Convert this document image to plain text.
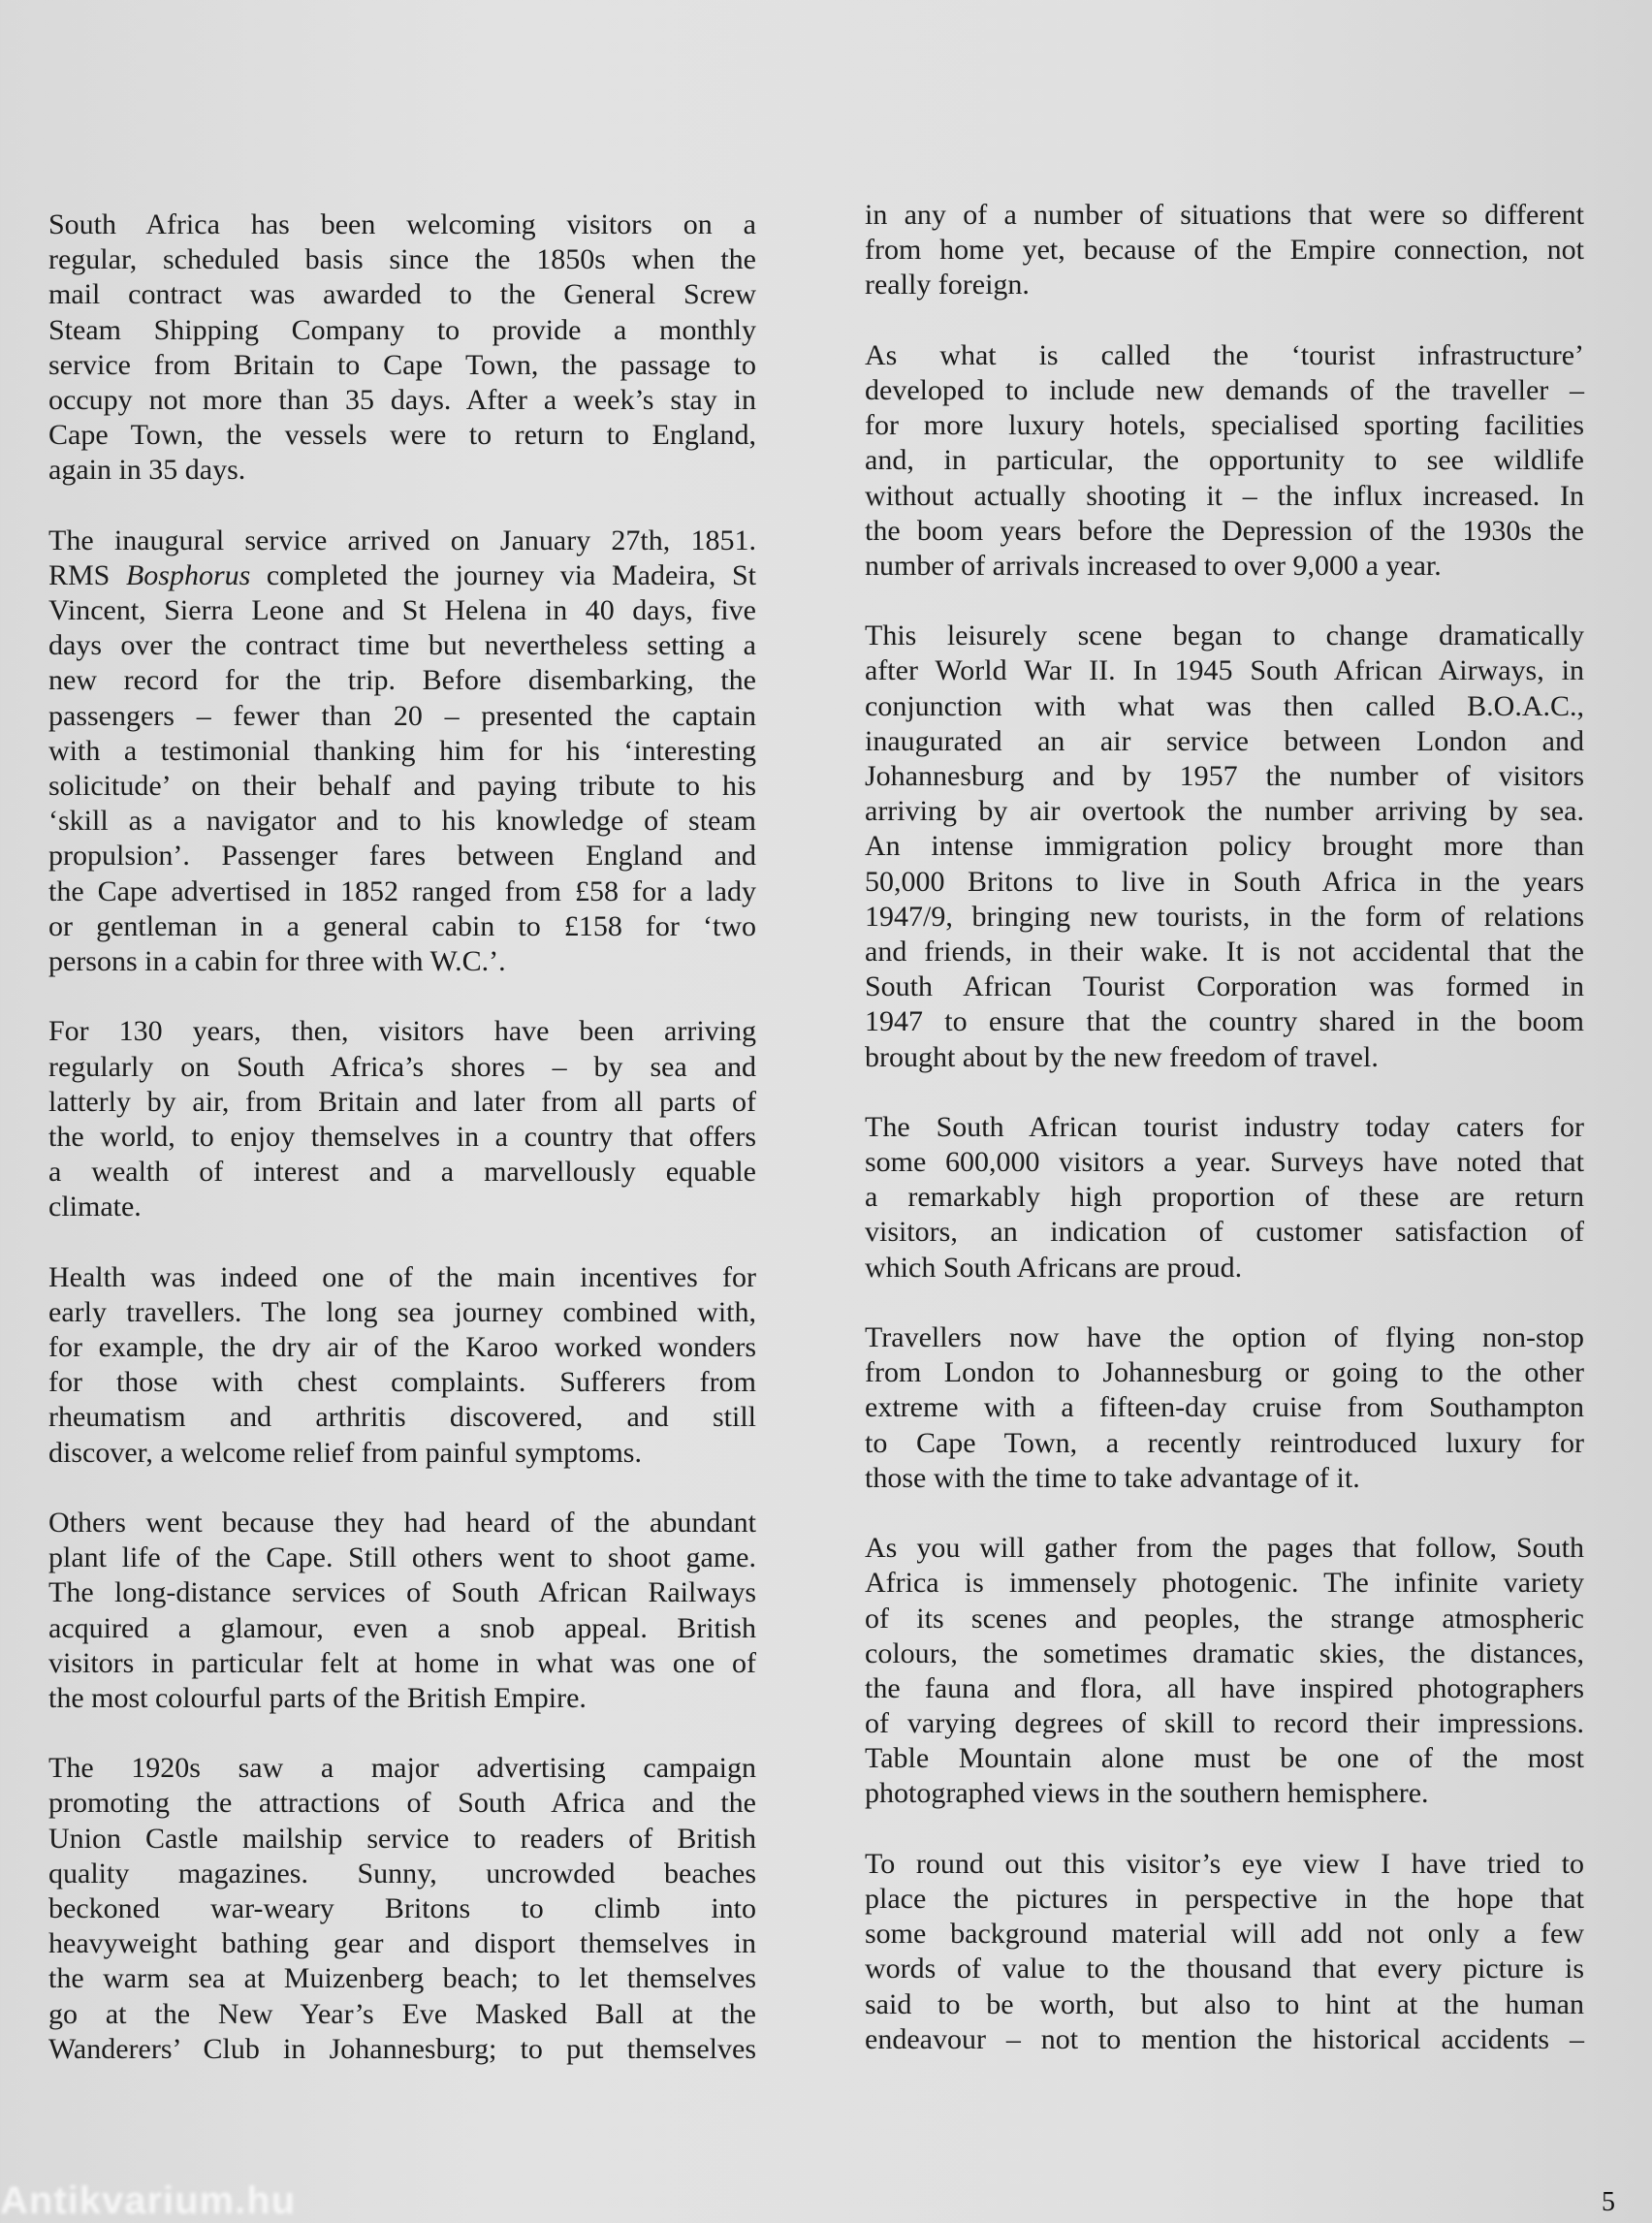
South Africa has been welcoming visitors on a
regular, scheduled basis since the 1850s when the
mail contract was awarded to the General Screw
Steam Shipping Company to provide a monthly
service from Britain to Cape Town, the passage to
occupy not more than 35 days. After a week’s stay in
Cape Town, the vessels were to return to England,
again in 35 days.
The inaugural service arrived on January 27th, 1851.
RMS Bosphorus completed the journey via Madeira, St
Vincent, Sierra Leone and St Helena in 40 days, five
days over the contract time but nevertheless setting a
new record for the trip. Before disembarking, the
passengers – fewer than 20 – presented the captain
with a testimonial thanking him for his ‘interesting
solicitude’ on their behalf and paying tribute to his
‘skill as a navigator and to his knowledge of steam
propulsion’. Passenger fares between England and
the Cape advertised in 1852 ranged from £58 for a lady
or gentleman in a general cabin to £158 for ‘two
persons in a cabin for three with W.C.’.
For 130 years, then, visitors have been arriving
regularly on South Africa’s shores – by sea and
latterly by air, from Britain and later from all parts of
the world, to enjoy themselves in a country that offers
a wealth of interest and a marvellously equable
climate.
Health was indeed one of the main incentives for
early travellers. The long sea journey combined with,
for example, the dry air of the Karoo worked wonders
for those with chest complaints. Sufferers from
rheumatism and arthritis discovered, and still
discover, a welcome relief from painful symptoms.
Others went because they had heard of the abundant
plant life of the Cape. Still others went to shoot game.
The long-distance services of South African Railways
acquired a glamour, even a snob appeal. British
visitors in particular felt at home in what was one of
the most colourful parts of the British Empire.
The 1920s saw a major advertising campaign
promoting the attractions of South Africa and the
Union Castle mailship service to readers of British
quality magazines. Sunny, uncrowded beaches
beckoned war-weary Britons to climb into
heavyweight bathing gear and disport themselves in
the warm sea at Muizenberg beach; to let themselves
go at the New Year’s Eve Masked Ball at the
Wanderers’ Club in Johannesburg; to put themselves
in any of a number of situations that were so different
from home yet, because of the Empire connection, not
really foreign.
As what is called the ‘tourist infrastructure’
developed to include new demands of the traveller –
for more luxury hotels, specialised sporting facilities
and, in particular, the opportunity to see wildlife
without actually shooting it – the influx increased. In
the boom years before the Depression of the 1930s the
number of arrivals increased to over 9,000 a year.
This leisurely scene began to change dramatically
after World War II. In 1945 South African Airways, in
conjunction with what was then called B.O.A.C.,
inaugurated an air service between London and
Johannesburg and by 1957 the number of visitors
arriving by air overtook the number arriving by sea.
An intense immigration policy brought more than
50,000 Britons to live in South Africa in the years
1947/9, bringing new tourists, in the form of relations
and friends, in their wake. It is not accidental that the
South African Tourist Corporation was formed in
1947 to ensure that the country shared in the boom
brought about by the new freedom of travel.
The South African tourist industry today caters for
some 600,000 visitors a year. Surveys have noted that
a remarkably high proportion of these are return
visitors, an indication of customer satisfaction of
which South Africans are proud.
Travellers now have the option of flying non-stop
from London to Johannesburg or going to the other
extreme with a fifteen-day cruise from Southampton
to Cape Town, a recently reintroduced luxury for
those with the time to take advantage of it.
As you will gather from the pages that follow, South
Africa is immensely photogenic. The infinite variety
of its scenes and peoples, the strange atmospheric
colours, the sometimes dramatic skies, the distances,
the fauna and flora, all have inspired photographers
of varying degrees of skill to record their impressions.
Table Mountain alone must be one of the most
photographed views in the southern hemisphere.
To round out this visitor’s eye view I have tried to
place the pictures in perspective in the hope that
some background material will add not only a few
words of value to the thousand that every picture is
said to be worth, but also to hint at the human
endeavour – not to mention the historical accidents –
Antikvarium.hu	5
